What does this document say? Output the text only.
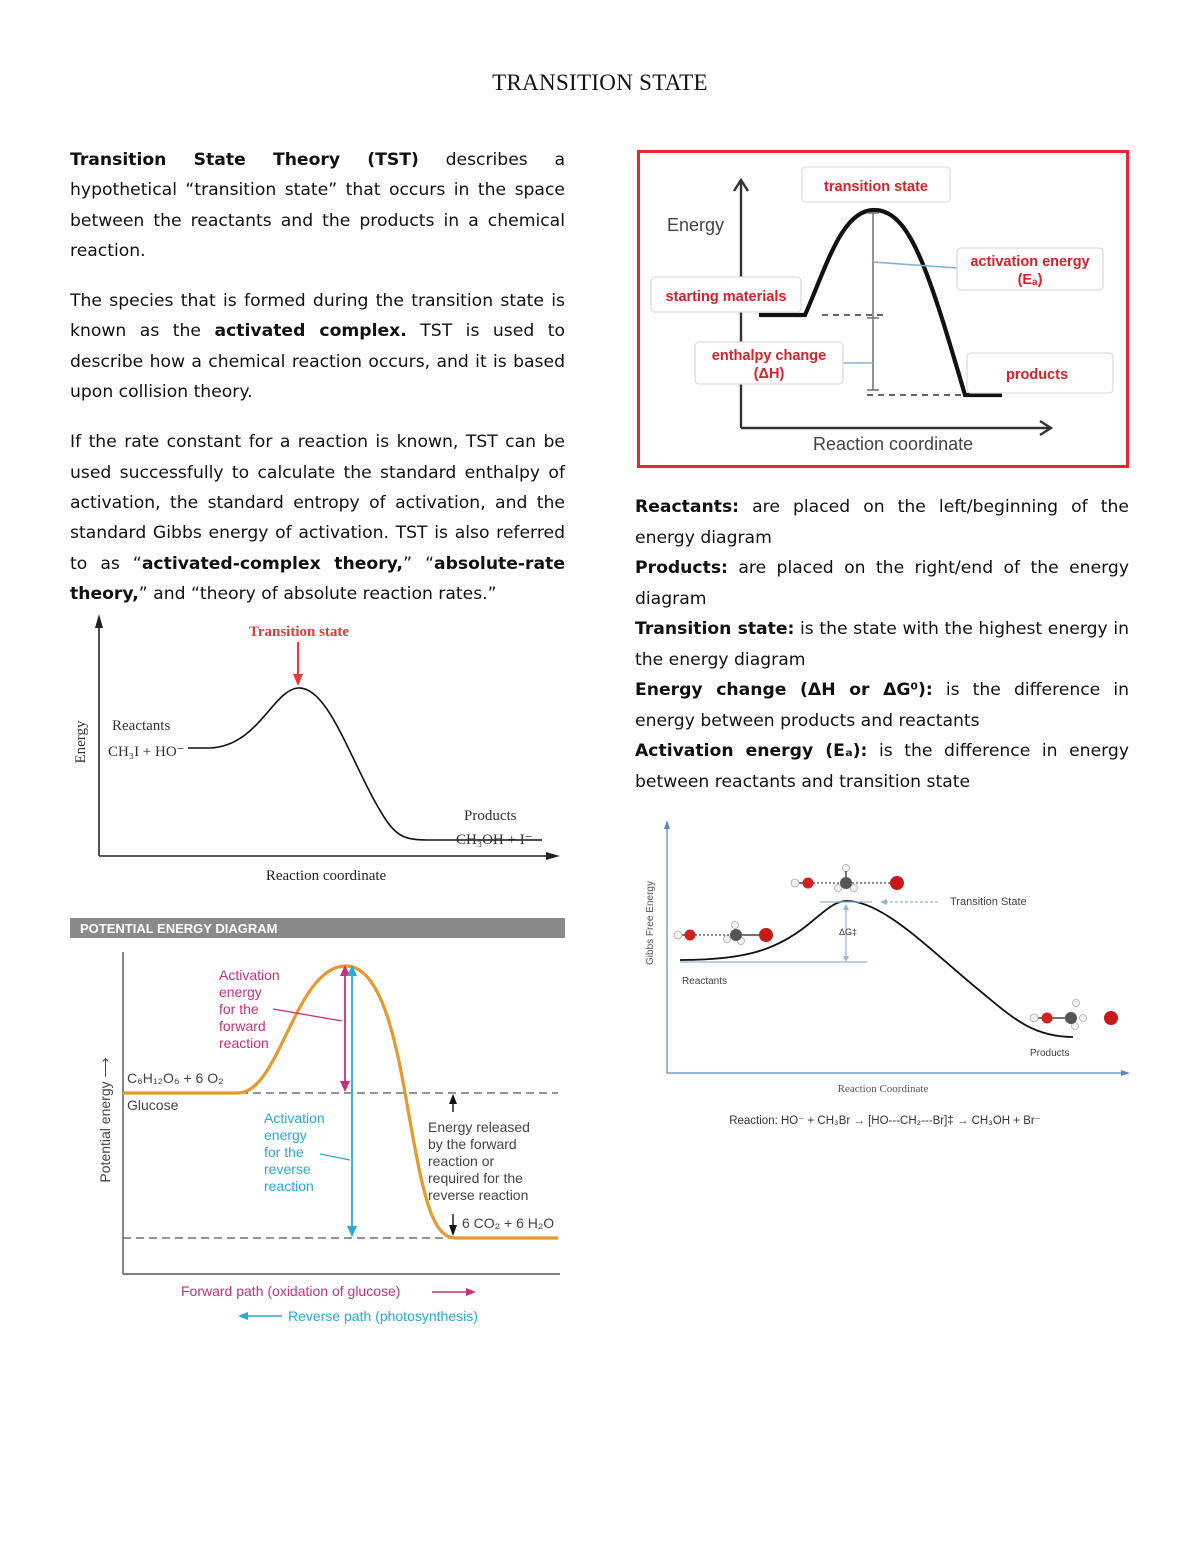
TRANSITION STATE

Transition State Theory (TST) describes a hypothetical “transition state” that occurs in the space between the reactants and the products in a chemical reaction.

The species that is formed during the transition state is known as the activated complex. TST is used to describe how a chemical reaction occurs, and it is based upon collision theory.

If the rate constant for a reaction is known, TST can be used successfully to calculate the standard enthalpy of activation, the standard entropy of activation, and the standard Gibbs energy of activation. TST is also referred to as “activated-complex theory,” “absolute-rate theory,” and “theory of absolute reaction rates.”

Reactants: are placed on the left/beginning of the energy diagram

Products: are placed on the right/end of the energy diagram

Transition state: is the state with the highest energy in the energy diagram

Energy change (ΔH or ΔG⁰): is the difference in energy between products and reactants

Activation energy (Eₐ): is the difference in energy between reactants and transition state

Energy
Reaction coordinate
transition state
starting materials
activation energy
(Eₐ)
enthalpy change
(ΔH)	products
Energy
Reaction coordinate
Transition state
Reactants
CH₃I + HO⁻
Products
CH₃OH + I⁻
POTENTIAL ENERGY DIAGRAM
Potential energy ⟶
Activation
energy
for the
forward
reaction
Activation
energy
for the
reverse
reaction
C₆H₁₂O₆ + 6 O₂
Glucose
Energy released
by the forward
reaction or
required for the
reverse reaction
6 CO₂ + 6 H₂O
Forward path (oxidation of glucose)
Reverse path (photosynthesis)
Gibbs Free Energy
Reaction Coordinate
ΔG‡
Transition State
Reactants
Products
Reaction: HO⁻ + CH₃Br → [HO---CH₂---Br]‡ → CH₃OH + Br⁻
